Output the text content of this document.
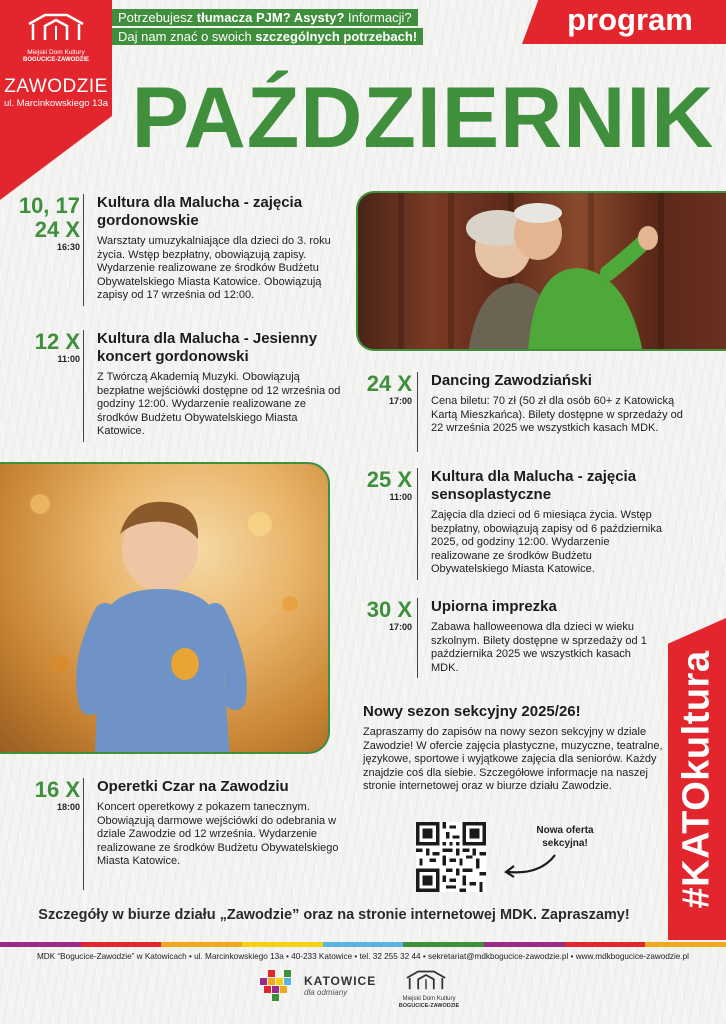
Miejski Dom Kultury
BOGUCICE-ZAWODZIE
ZAWODZIE
ul. Marcinkowskiego 13a
Potrzebujesz tłumacza PJM? Asysty? Informacji?
Daj nam znać o swoich szczególnych potrzebach!	program
PAŹDZIERNIK
10, 17
24 X
16:30
Kultura dla Malucha - zajęcia gordonowskie
Warsztaty umuzykalniające dla dzieci do 3. roku życia. Wstęp bezpłatny, obowiązują zapisy. Wydarzenie realizowane ze środków Budżetu Obywatelskiego Miasta Katowice. Obowiązują zapisy od 17 września od 12:00.
12 X
11:00
Kultura dla Malucha - Jesienny koncert gordonowski
Z Twórczą Akademią Muzyki. Obowiązują bezpłatne wejściówki dostępne od 12 września od godziny 12:00. Wydarzenie realizowane ze środków Budżetu Obywatelskiego Miasta Katowice.
24 X
17:00
Dancing Zawodziański
Cena biletu: 70 zł (50 zł dla osób 60+ z Katowicką Kartą Mieszkańca). Bilety dostępne w sprzedaży od 22 września 2025 we wszystkich kasach MDK.
25 X
11:00
Kultura dla Malucha - zajęcia sensoplastyczne
Zajęcia dla dzieci od 6 miesiąca życia. Wstęp bezpłatny, obowiązują zapisy od 6 października 2025, od godziny 12:00. Wydarzenie realizowane ze środków Budżetu Obywatelskiego Miasta Katowice.
30 X
17:00
Upiorna imprezka
Zabawa halloweenowa dla dzieci w wieku szkolnym. Bilety dostępne w sprzedaży od 1 października 2025 we wszystkich kasach MDK.
Nowy sezon sekcyjny 2025/26!
Zapraszamy do zapisów na nowy sezon sekcyjny w dziale Zawodzie! W ofercie zajęcia plastyczne, muzyczne, teatralne, językowe, sportowe i wyjątkowe zajęcia dla seniorów. Każdy znajdzie coś dla siebie. Szczegółowe informacje na naszej stronie internetowej oraz w biurze działu Zawodzie.
Nowa oferta sekcyjna!
16 X
18:00
Operetki Czar na Zawodziu
Koncert operetkowy z pokazem tanecznym. Obowiązują darmowe wejściówki do odebrania w dziale Zawodzie od 12 września. Wydarzenie realizowane ze środków Budżetu Obywatelskiego Miasta Katowice.	#KATOkultura
Szczegóły w biurze działu „Zawodzie” oraz na stronie internetowej MDK. Zapraszamy!
MDK “Bogucice-Zawodzie” w Katowicach • ul. Marcinkowskiego 13a • 40-233 Katowice • tel. 32 255 32 44 • sekretariat@mdkbogucice-zawodzie.pl • www.mdkbogucice-zawodzie.pl
KATOWICE
dla odmiany
Miejski Dom Kultury
BOGUCICE-ZAWODZIE
